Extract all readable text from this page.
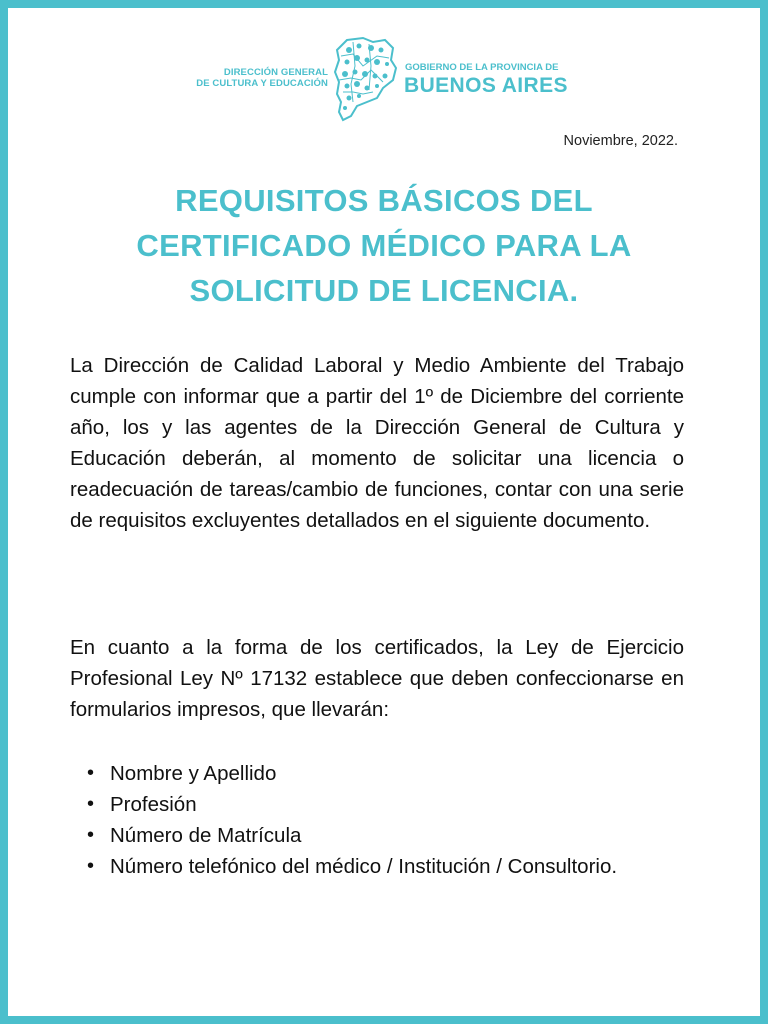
DIRECCIÓN GENERAL
DE CULTURA Y EDUCACIÓN
GOBIERNO DE LA PROVINCIA DE
BUENOS AIRES
Noviembre, 2022.
REQUISITOS BÁSICOS DEL
CERTIFICADO MÉDICO PARA LA
SOLICITUD DE LICENCIA.
La Dirección de Calidad Laboral y Medio Ambiente del Trabajo cumple con informar que a partir del 1º de Diciembre del corriente año, los y las agentes de la Dirección General de Cultura y Educación deberán, al momento de solicitar una licencia o readecuación de tareas/cambio de funciones, contar con una serie de requisitos excluyentes detallados en el siguiente documento.
En cuanto a la forma de los certificados, la Ley de Ejercicio Profesional Ley Nº 17132 establece que deben confeccionarse en formularios impresos, que llevarán:
• Nombre y Apellido
• Profesión
• Número de Matrícula
• Número telefónico del médico / Institución / Consultorio.
